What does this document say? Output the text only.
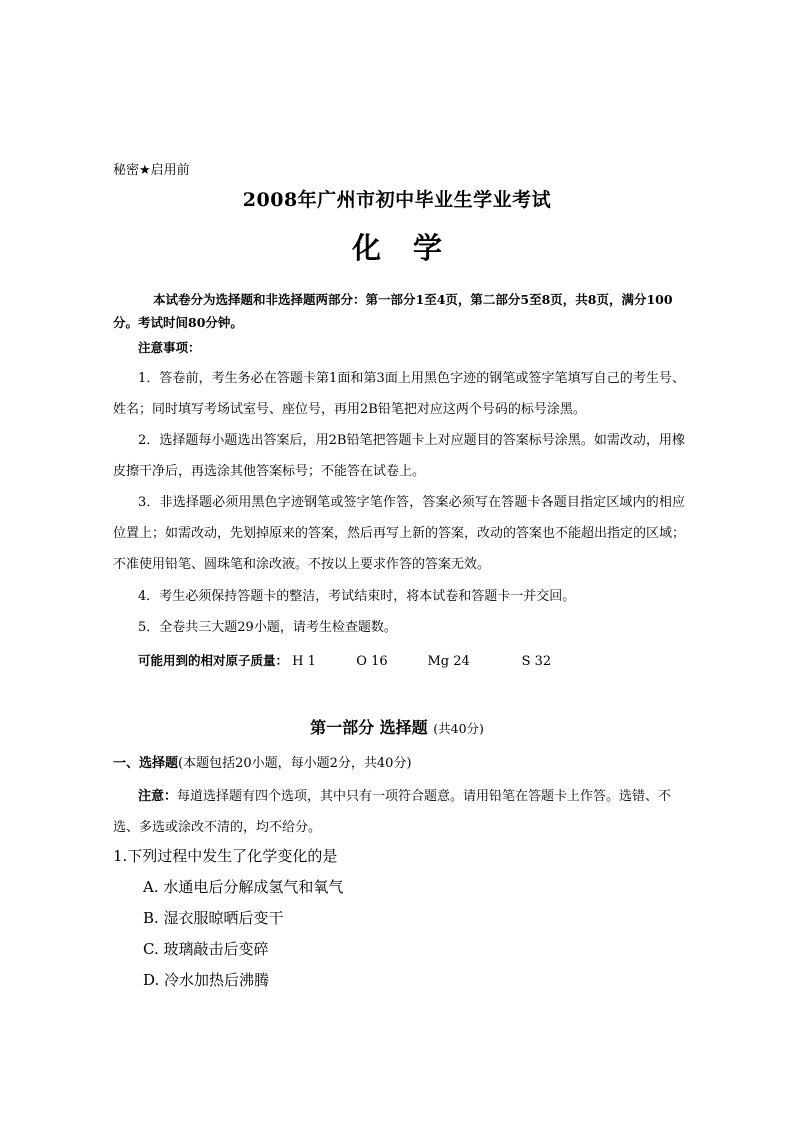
秘密★启用前
2008年广州市初中毕业生学业考试
化学
本试卷分为选择题和非选择题两部分：第一部分1至4页，第二部分5至8页，共8页，满分100分。考试时间80分钟。
注意事项：
1．答卷前，考生务必在答题卡第1面和第3面上用黑色字迹的钢笔或签字笔填写自己的考生号、姓名；同时填写考场试室号、座位号，再用2B铅笔把对应这两个号码的标号涂黑。
2．选择题每小题选出答案后，用2B铅笔把答题卡上对应题目的答案标号涂黑。如需改动，用橡皮擦干净后，再选涂其他答案标号；不能答在试卷上。
3．非选择题必须用黑色字迹钢笔或签字笔作答，答案必须写在答题卡各题目指定区域内的相应位置上；如需改动，先划掉原来的答案，然后再写上新的答案，改动的答案也不能超出指定的区域；不准使用铅笔、圆珠笔和涂改液。不按以上要求作答的答案无效。
4．考生必须保持答题卡的整洁，考试结束时，将本试卷和答题卡一并交回。
5．全卷共三大题29小题，请考生检查题数。
可能用到的相对原子质量： H 1	O 16	Mg 24	S 32
第一部分 选择题 (共40分)
一、选择题(本题包括20小题，每小题2分，共40分)
注意：每道选择题有四个选项，其中只有一项符合题意。请用铅笔在答题卡上作答。选错、不选、多选或涂改不清的，均不给分。
1.下列过程中发生了化学变化的是
A. 水通电后分解成氢气和氧气
B. 湿衣服晾晒后变干
C. 玻璃敲击后变碎
D. 冷水加热后沸腾
